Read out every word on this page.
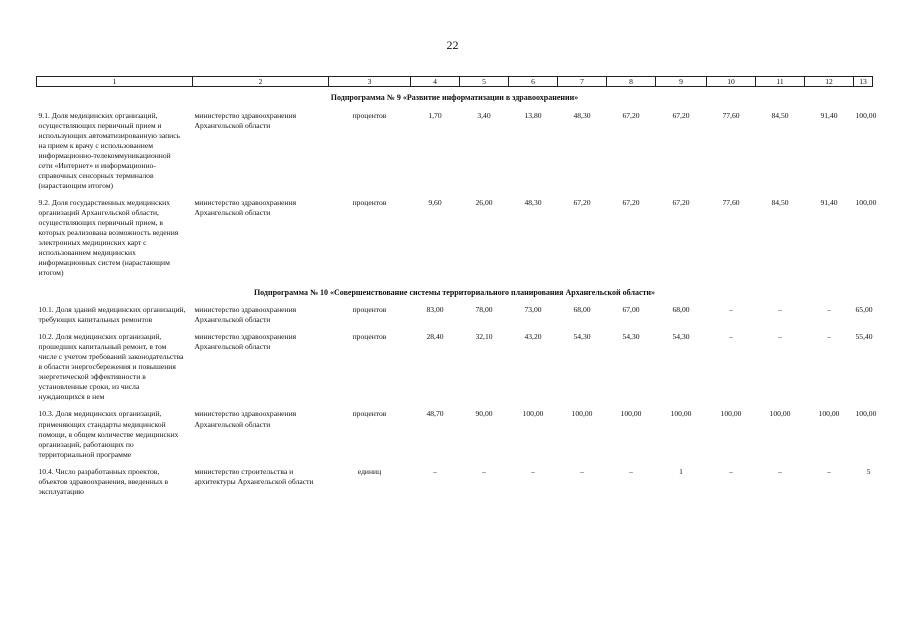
22
1	2	3	4	5	6	7	8	9	10	11	12	13
Подпрограмма № 9 «Развитие информатизации в здравоохранении»												
9.1. Доля медицинских организаций, осуществляющих первичный прием и использующих автоматизированную запись на прием к врачу с использованием информационно-телекоммуникационной сети «Интернет» и информационно-справочных сенсорных терминалов (нарастающим итогом)	министерство здравоохранения Архангельской области	процентов	1,70	3,40	13,80	48,30	67,20	67,20	77,60	84,50	91,40	100,00
9.2. Доля государственных медицинских организаций Архангельской области, осуществляющих первичный прием, в которых реализована возможность ведения электронных медицинских карт с использованием медицинских информационных систем (нарастающим итогом)	министерство здравоохранения Архангельской области	процентов	9,60	26,00	48,30	67,20	67,20	67,20	77,60	84,50	91,40	100,00
Подпрограмма № 10 «Совершенствование системы территориального планирования Архангельской области»												
10.1. Доля зданий медицинских организаций, требующих капитальных ремонтов	министерство здравоохранения Архангельской области	процентов	83,00	78,00	73,00	68,00	67,00	68,00	–	–	–	65,00
10.2. Доля медицинских организаций, прошедших капитальный ремонт, в том числе с учетом требований законодательства в области энергосбережения и повышения энергетической эффективности в установленные сроки, из числа нуждающихся в нем	министерство здравоохранения Архангельской области	процентов	28,40	32,10	43,20	54,30	54,30	54,30	–	–	–	55,40
10.3. Доля медицинских организаций, применяющих стандарты медицинской помощи, в общем количестве медицинских организаций, работающих по территориальной программе	министерство здравоохранения Архангельской области	процентов	48,70	90,00	100,00	100,00	100,00	100,00	100,00	100,00	100,00	100,00
10.4. Число разработанных проектов, объектов здравоохранения, введенных в эксплуатацию	министерство строительства и архитектуры Архангельской области	единиц	–	–	–	–	–	1	–	–	–	5
